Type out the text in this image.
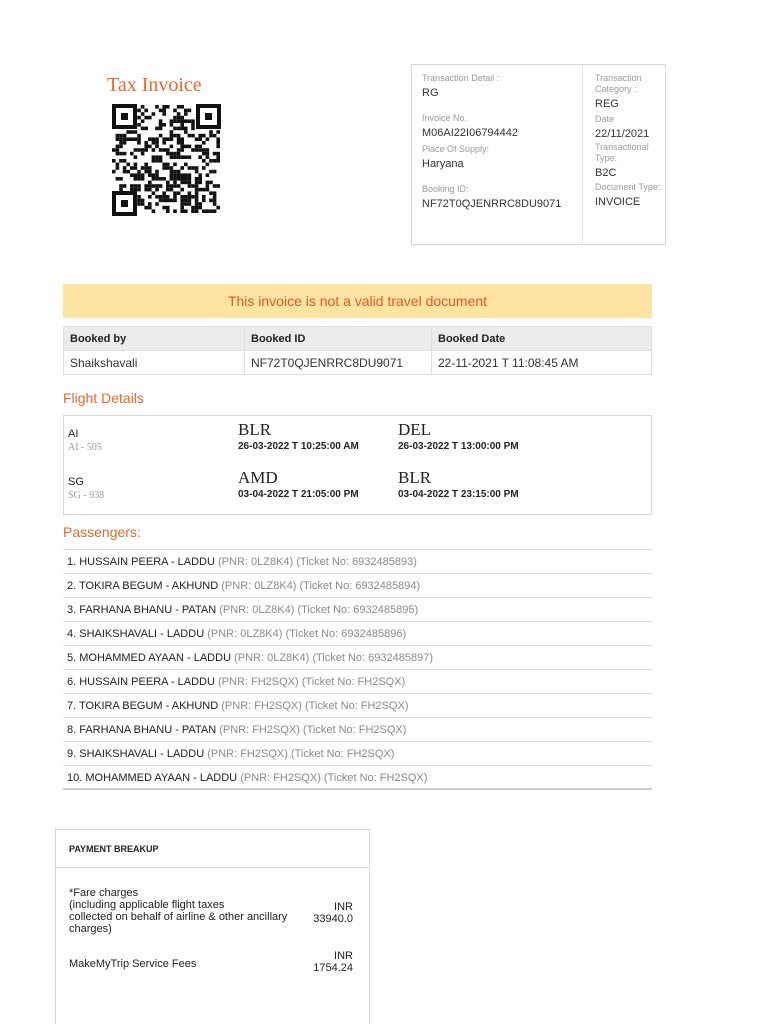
Tax Invoice	Transaction Detail :
RG
Invoice No.
M06AI22I06794442
Place Of Supply:
Haryana
Booking ID:
NF72T0QJENRRC8DU9071
Transaction Category :
REG
Date
22/11/2021
Transactional Type:
B2C
Document Type:
INVOICE
This invoice is not a valid travel document
Booked by	Booked ID	Booked Date
Shaikshavali	NF72T0QJENRRC8DU9071	22-11-2021 T 11:08:45 AM
Flight Details
AI
AI - 505
BLR
26-03-2022 T 10:25:00 AM
DEL
26-03-2022 T 13:00:00 PM
SG
SG - 938
AMD
03-04-2022 T 21:05:00 PM
BLR
03-04-2022 T 23:15:00 PM
Passengers:
1. HUSSAIN PEERA - LADDU (PNR: 0LZ8K4) (Ticket No: 6932485893)
2. TOKIRA BEGUM - AKHUND (PNR: 0LZ8K4) (Ticket No: 6932485894)
3. FARHANA BHANU - PATAN (PNR: 0LZ8K4) (Ticket No: 6932485895)
4. SHAIKSHAVALI - LADDU (PNR: 0LZ8K4) (Ticket No: 6932485896)
5. MOHAMMED AYAAN - LADDU (PNR: 0LZ8K4) (Ticket No: 6932485897)
6. HUSSAIN PEERA - LADDU (PNR: FH2SQX) (Ticket No: FH2SQX)
7. TOKIRA BEGUM - AKHUND (PNR: FH2SQX) (Ticket No: FH2SQX)
8. FARHANA BHANU - PATAN (PNR: FH2SQX) (Ticket No: FH2SQX)
9. SHAIKSHAVALI - LADDU (PNR: FH2SQX) (Ticket No: FH2SQX)
10. MOHAMMED AYAAN - LADDU (PNR: FH2SQX) (Ticket No: FH2SQX)
PAYMENT BREAKUP
*Fare charges
(including applicable flight taxes
collected on behalf of airline & other ancillary
charges)
INR
33940.0
MakeMyTrip Service Fees
INR
1754.24
